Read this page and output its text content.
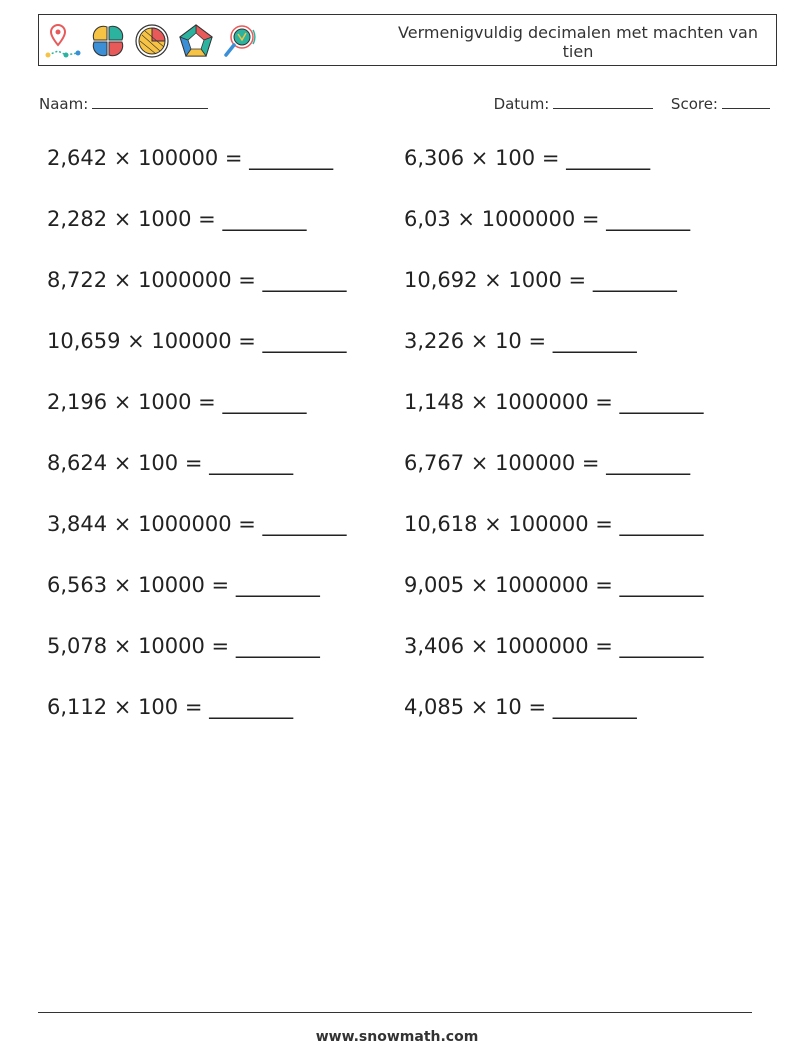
Vermenigvuldig decimalen met machten van tien
Naam:	Datum:	Score:
2,642 × 100000 = ________	6,306 × 100 = ________
2,282 × 1000 = ________	6,03 × 1000000 = ________
8,722 × 1000000 = ________	10,692 × 1000 = ________
10,659 × 100000 = ________	3,226 × 10 = ________
2,196 × 1000 = ________	1,148 × 1000000 = ________
8,624 × 100 = ________	6,767 × 100000 = ________
3,844 × 1000000 = ________	10,618 × 100000 = ________
6,563 × 10000 = ________	9,005 × 1000000 = ________
5,078 × 10000 = ________	3,406 × 1000000 = ________
6,112 × 100 = ________	4,085 × 10 = ________
www.snowmath.com
